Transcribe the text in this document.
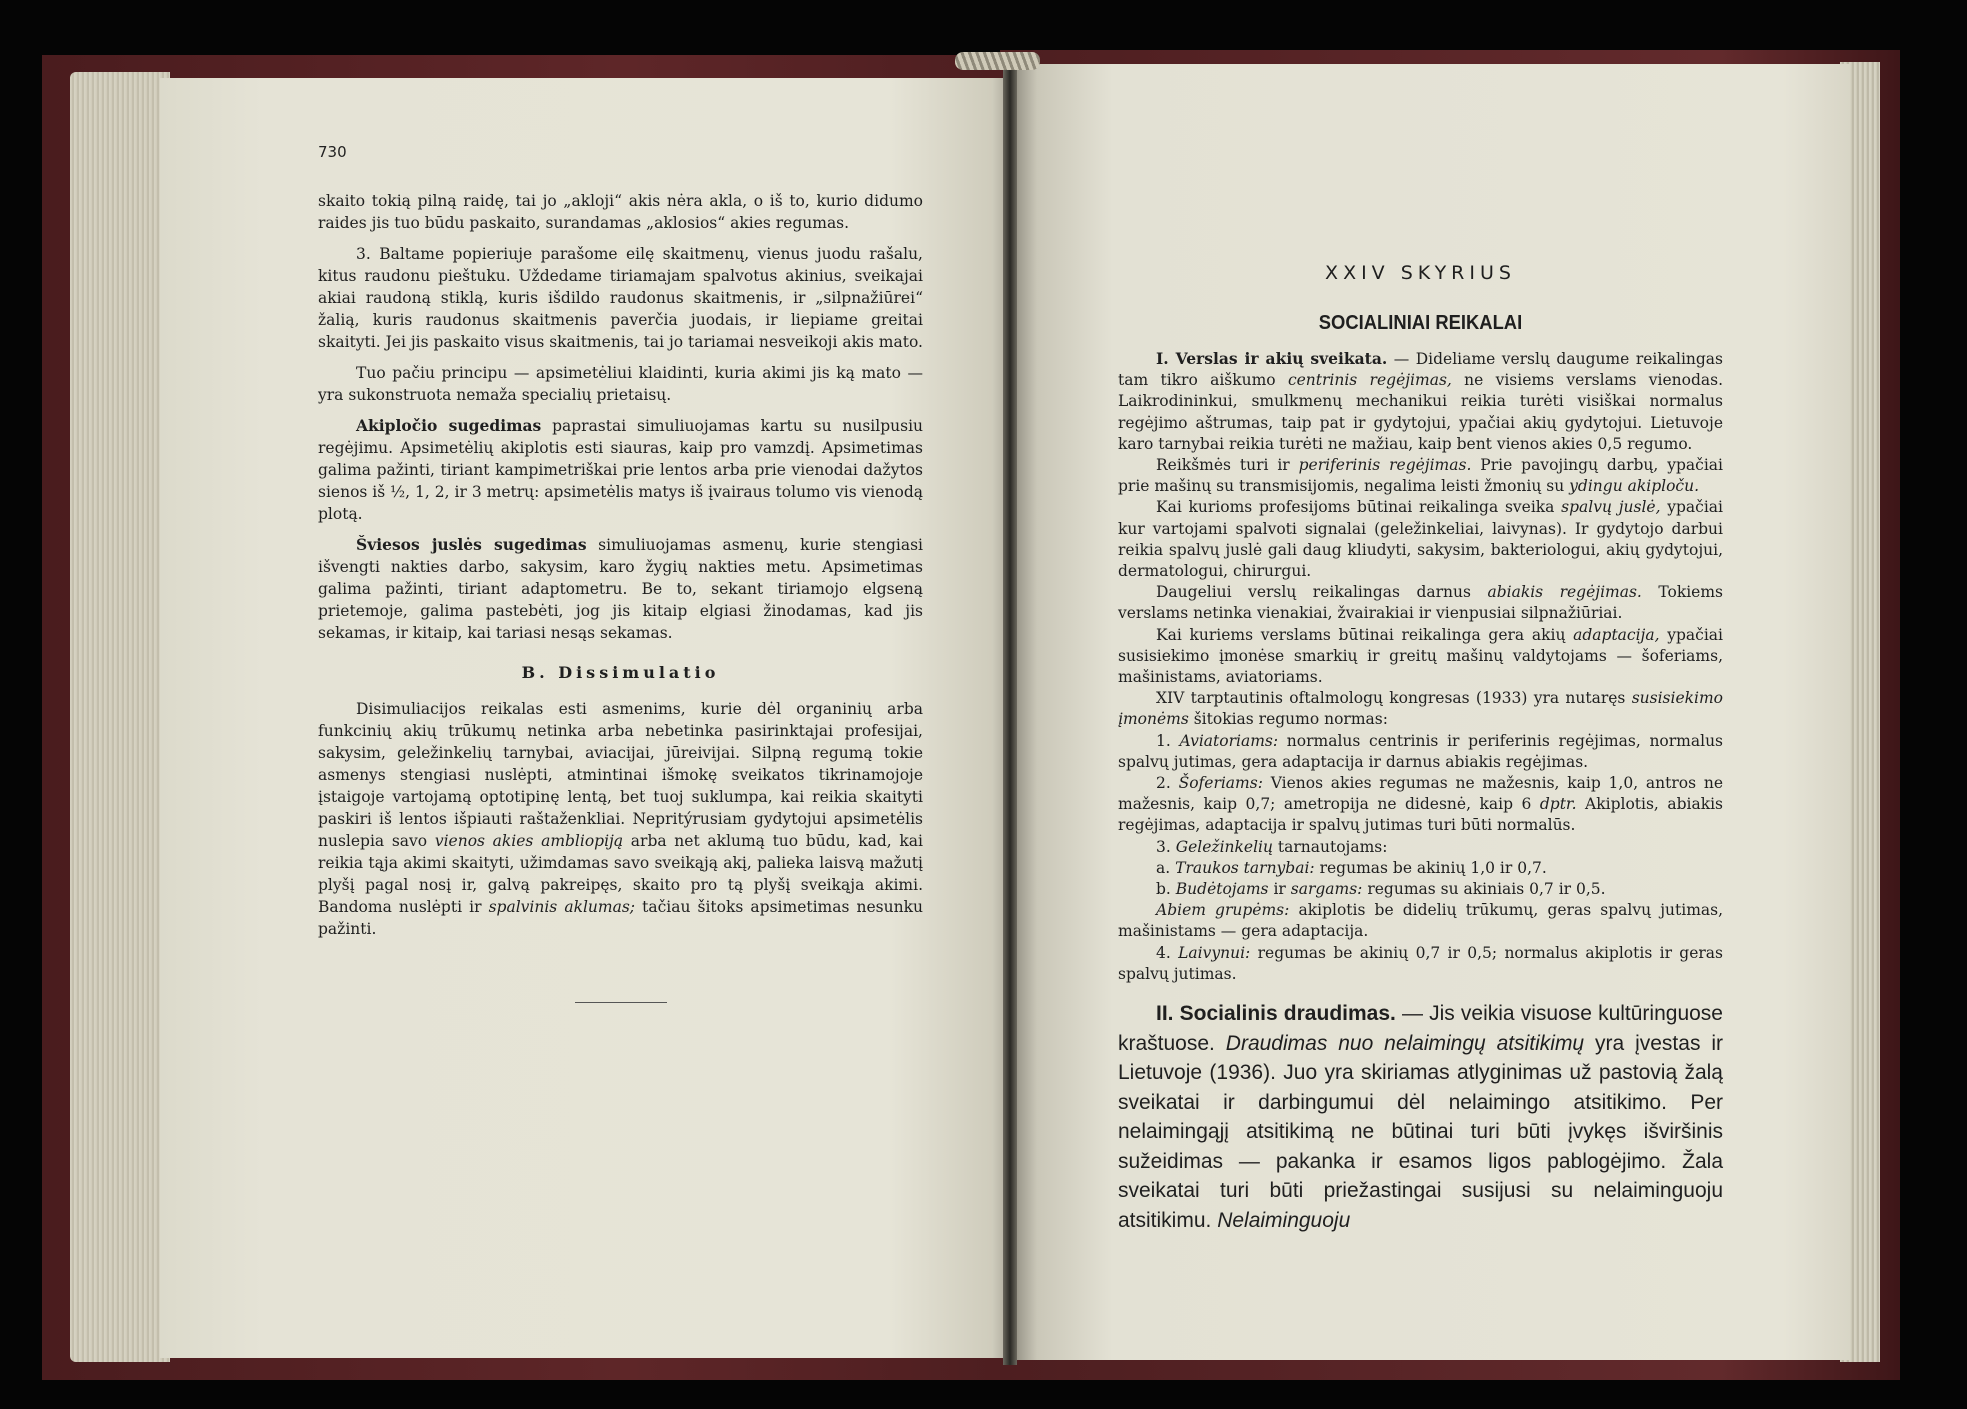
730

skaito tokią pilną raidę, tai jo „akloji“ akis nėra akla, o iš to, kurio didumo raides jis tuo būdu paskaito, surandamas „aklosios“ akies regumas.

3. Baltame popieriuje parašome eilę skaitmenų, vienus juodu rašalu, kitus raudonu pieštuku. Uždedame tiriamajam spalvotus akinius, sveikajai akiai raudoną stiklą, kuris išdildo raudonus skaitmenis, ir „silpnažiūrei“ žalią, kuris raudonus skaitmenis paverčia juodais, ir liepiame greitai skaityti. Jei jis paskaito visus skaitmenis, tai jo tariamai nesveikoji akis mato.

Tuo pačiu principu — apsimetėliui klaidinti, kuria akimi jis ką mato — yra sukonstruota nemaža specialių prietaisų.

Akipločio sugedimas paprastai simuliuojamas kartu su nusilpusiu regėjimu. Apsimetėlių akiplotis esti siauras, kaip pro vamzdį. Apsimetimas galima pažinti, tiriant kampimetriškai prie lentos arba prie vienodai dažytos sienos iš ½, 1, 2, ir 3 metrų: apsimetėlis matys iš įvairaus tolumo vis vienodą plotą.

Šviesos juslės sugedimas simuliuojamas asmenų, kurie stengiasi išvengti nakties darbo, sakysim, karo žygių nakties metu. Apsimetimas galima pažinti, tiriant adaptometru. Be to, sekant tiriamojo elgseną prietemoje, galima pastebėti, jog jis kitaip elgiasi žinodamas, kad jis sekamas, ir kitaip, kai tariasi nesąs sekamas.

B. Dissimulatio

Disimuliacijos reikalas esti asmenims, kurie dėl organinių arba funkcinių akių trūkumų netinka arba nebetinka pasirinktajai profesijai, sakysim, geležinkelių tarnybai, aviacijai, jūreivijai. Silpną regumą tokie asmenys stengiasi nuslėpti, atmintinai išmokę sveikatos tikrinamojoje įstaigoje vartojamą optotipinę lentą, bet tuoj suklumpa, kai reikia skaityti paskiri iš lentos išpiauti raštaženkliai. Nepritýrusiam gydytojui apsimetėlis nuslepia savo vienos akies ambliopiją arba net aklumą tuo būdu, kad, kai reikia tąja akimi skaityti, užimdamas savo sveikąją akį, palieka laisvą mažutį plyšį pagal nosį ir, galvą pakreipęs, skaito pro tą plyšį sveikąja akimi. Bandoma nuslėpti ir spalvinis aklumas; tačiau šitoks apsimetimas nesunku pažinti.

XXIV SKYRIUS
SOCIALINIAI REIKALAI

I. Verslas ir akių sveikata. — Dideliame verslų daugume reikalingas tam tikro aiškumo centrinis regėjimas, ne visiems verslams vienodas. Laikrodininkui, smulkmenų mechanikui reikia turėti visiškai normalus regėjimo aštrumas, taip pat ir gydytojui, ypačiai akių gydytojui. Lietuvoje karo tarnybai reikia turėti ne mažiau, kaip bent vienos akies 0,5 regumo.

Reikšmės turi ir periferinis regėjimas. Prie pavojingų darbų, ypačiai prie mašinų su transmisijomis, negalima leisti žmonių su ydingu akiploču.

Kai kurioms profesijoms būtinai reikalinga sveika spalvų juslė, ypačiai kur vartojami spalvoti signalai (geležinkeliai, laivynas). Ir gydytojo darbui reikia spalvų juslė gali daug kliudyti, sakysim, bakteriologui, akių gydytojui, dermatologui, chirurgui.

Daugeliui verslų reikalingas darnus abiakis regėjimas. Tokiems verslams netinka vienakiai, žvairakiai ir vienpusiai silpnažiūriai.

Kai kuriems verslams būtinai reikalinga gera akių adaptacija, ypačiai susisiekimo įmonėse smarkių ir greitų mašinų valdytojams — šoferiams, mašinistams, aviatoriams.

XIV tarptautinis oftalmologų kongresas (1933) yra nutaręs susisiekimo įmonėms šitokias regumo normas:

1. Aviatoriams: normalus centrinis ir periferinis regėjimas, normalus spalvų jutimas, gera adaptacija ir darnus abiakis regėjimas.

2. Šoferiams: Vienos akies regumas ne mažesnis, kaip 1,0, antros ne mažesnis, kaip 0,7; ametropija ne didesnė, kaip 6 dptr. Akiplotis, abiakis regėjimas, adaptacija ir spalvų jutimas turi būti normalūs.

3. Geležinkelių tarnautojams:

a. Traukos tarnybai: regumas be akinių 1,0 ir 0,7.

b. Budėtojams ir sargams: regumas su akiniais 0,7 ir 0,5.

Abiem grupėms: akiplotis be didelių trūkumų, geras spalvų jutimas, mašinistams — gera adaptacija.

4. Laivynui: regumas be akinių 0,7 ir 0,5; normalus akiplotis ir geras spalvų jutimas.

II. Socialinis draudimas. — Jis veikia visuose kultūringuose kraštuose. Draudimas nuo nelaimingų atsitikimų yra įvestas ir Lietuvoje (1936). Juo yra skiriamas atlyginimas už pastovią žalą sveikatai ir darbingumui dėl nelaimingo atsitikimo. Per nelaimingąjį atsitikimą ne būtinai turi būti įvykęs išviršinis sužeidimas — pakanka ir esamos ligos pablogėjimo. Žala sveikatai turi būti priežastingai susijusi su nelaiminguoju atsitikimu. Nelaiminguoju
